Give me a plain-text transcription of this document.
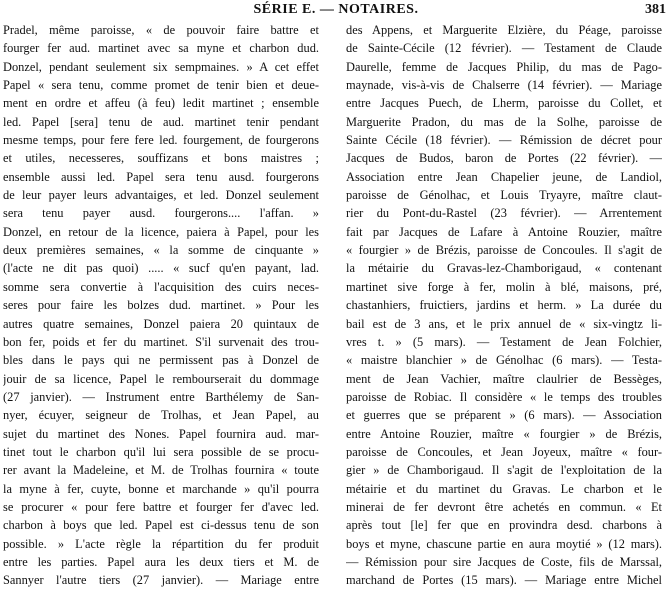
SÉRIE E. — NOTAIRES.	381
Pradel, même paroisse, « de pouvoir faire battre et
fourger fer aud. martinet avec sa myne et charbon dud.
Donzel, pendant seulement six sempmaines. » A cet effet
Papel « sera tenu, comme promet de tenir bien et deue-
ment en ordre et affeu (à feu) ledit martinet ; ensemble
led. Papel [sera] tenu de aud. martinet tenir pendant
mesme temps, pour fere fere led. fourgement, de fourgerons
et utiles, necesseres, souffizans et bons maistres ;
ensemble aussi led. Papel sera tenu ausd. fourgerons
de leur payer leurs advantaiges, et led. Donzel seulement
sera tenu payer ausd. fourgerons.... l'affan. »
Donzel, en retour de la licence, paiera à Papel, pour les
deux premières semaines, « la somme de cinquante »
(l'acte ne dit pas quoi) ..... « sucf qu'en payant, lad.
somme sera convertie à l'acquisition des cuirs neces-
seres pour faire les bolzes dud. martinet. » Pour les
autres quatre semaines, Donzel paiera 20 quintaux de
bon fer, poids et fer du martinet. S'il survenait des trou-
bles dans le pays qui ne permissent pas à Donzel de
jouir de sa licence, Papel le rembourserait du dommage
(27 janvier). — Instrument entre Barthélemy de San-
nyer, écuyer, seigneur de Trolhas, et Jean Papel, au
sujet du martinet des Nones. Papel fournira aud. mar-
tinet tout le charbon qu'il lui sera possible de se procu-
rer avant la Madeleine, et M. de Trolhas fournira « toute
la myne à fer, cuyte, bonne et marchande » qu'il pourra
se procurer « pour fere battre et fourger fer d'avec led.
charbon à boys que led. Papel est ci-dessus tenu de son
possible. » L'acte règle la répartition du fer produit
entre les parties. Papel aura les deux tiers et M. de
Sannyer l'autre tiers (27 janvier). — Mariage entre
des Appens, et Marguerite Elzière, du Péage, paroisse
de Sainte-Cécile (12 février). — Testament de Claude
Daurelle, femme de Jacques Philip, du mas de Pago-
maynade, vis-à-vis de Chalserre (14 février). — Mariage
entre Jacques Puech, de Lherm, paroisse du Collet, et
Marguerite Pradon, du mas de la Solhe, paroisse de
Sainte Cécile (18 février). — Rémission de décret pour
Jacques de Budos, baron de Portes (22 février). —
Association entre Jean Chapelier jeune, de Landiol,
paroisse de Génolhac, et Louis Tryayre, maître claut-
rier du Pont-du-Rastel (23 février). — Arrentement
fait par Jacques de Lafare à Antoine Rouzier, maître
« fourgier » de Brézis, paroisse de Concoules. Il s'agit de
la métairie du Gravas-lez-Chamborigaud, « contenant
martinet sive forge à fer, molin à blé, maisons, pré,
chastanhiers, fruictiers, jardins et herm. » La durée du
bail est de 3 ans, et le prix annuel de « six-vingtz li-
vres t. » (5 mars). — Testament de Jean Folchier,
« maistre blanchier » de Génolhac (6 mars). — Testa-
ment de Jean Vachier, maître claulrier de Bessèges,
paroisse de Robiac. Il considère « le temps des troubles
et guerres que se préparent » (6 mars). — Association
entre Antoine Rouzier, maître « fourgier » de Brézis,
paroisse de Concoules, et Jean Joyeux, maître « four-
gier » de Chamborigaud. Il s'agit de l'exploitation de la
métairie et du martinet du Gravas. Le charbon et le
minerai de fer devront être achetés en commun. « Et
après tout [le] fer que en provindra desd. charbons à
boys et myne, chascune partie en aura moytié » (12 mars).
— Rémission pour sire Jacques de Coste, fils de Marssal,
marchand de Portes (15 mars). — Mariage entre Michel
